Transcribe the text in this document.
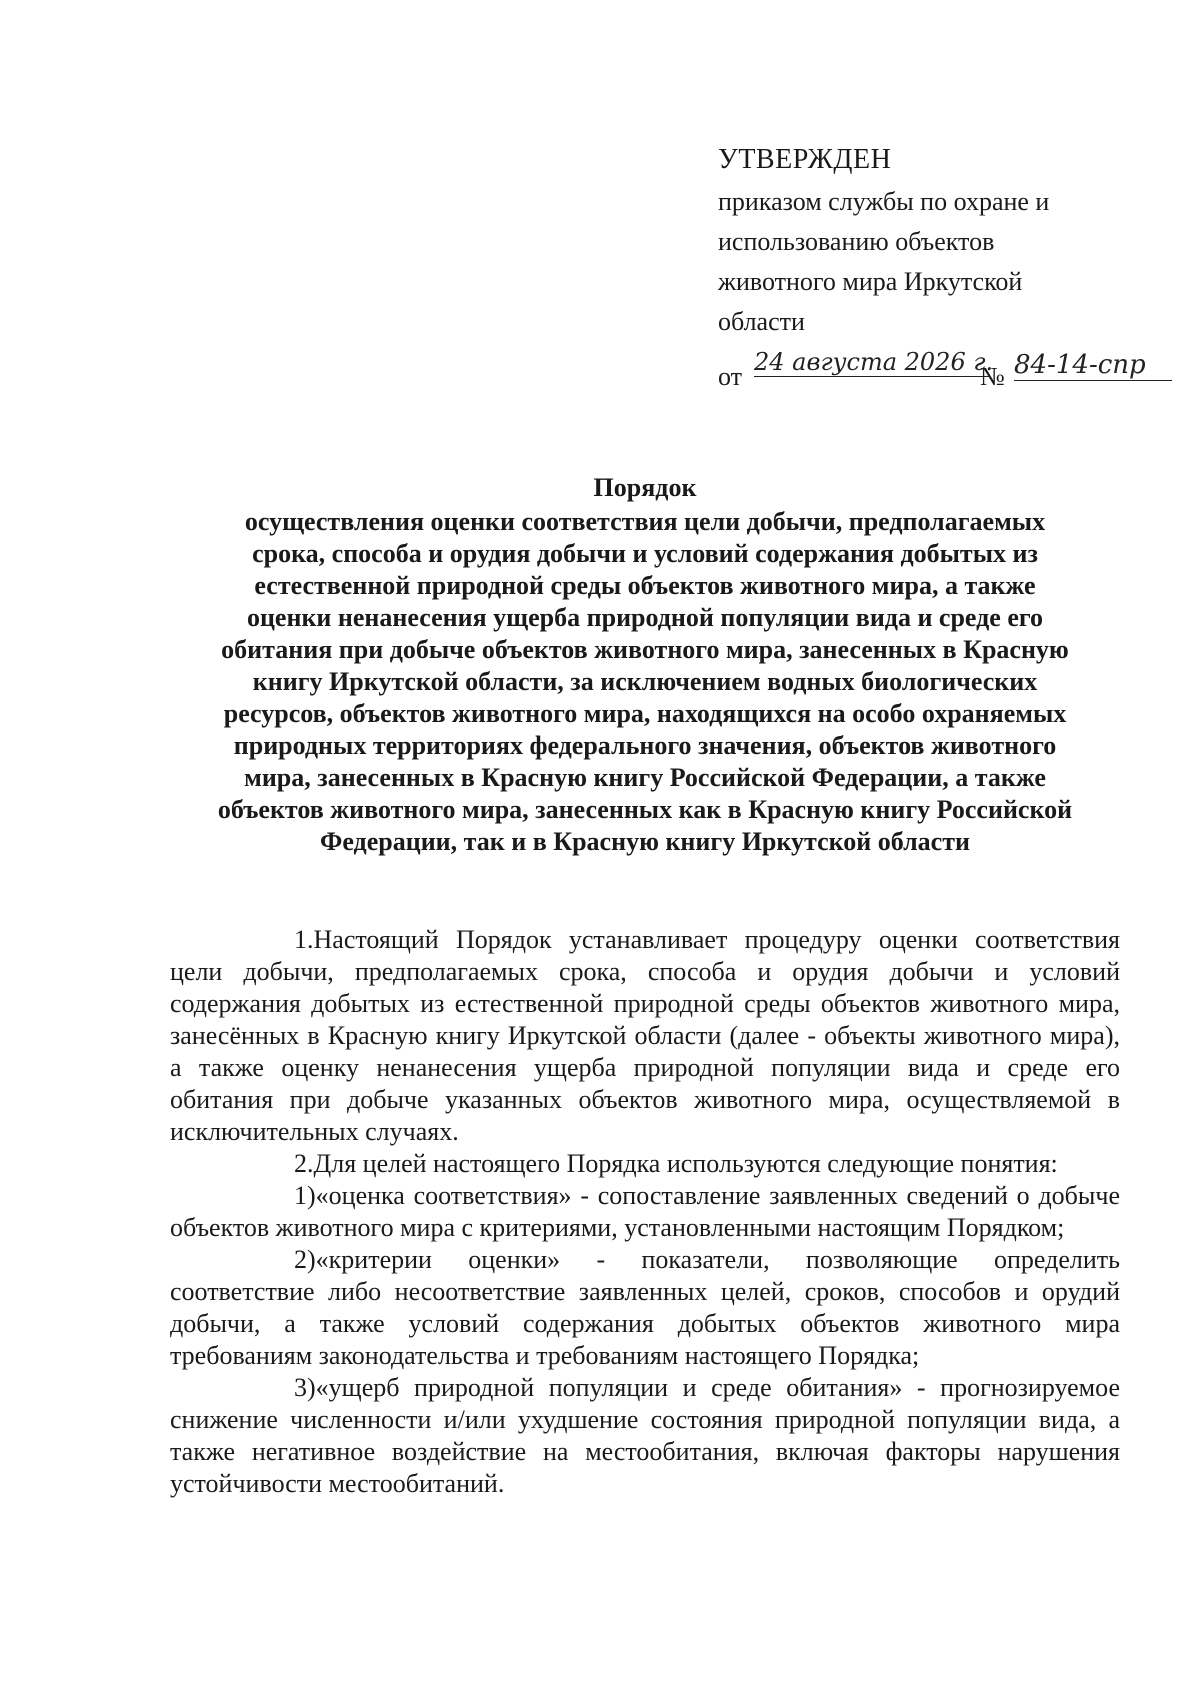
УТВЕРЖДЕН
приказом службы по охране и
использованию объектов
животного мира Иркутской
области
от 24 августа 2026 г.
№ 84-14-спр
Порядок
осуществления оценки соответствия цели добычи, предполагаемых срока, способа и орудия добычи и условий содержания добытых из естественной природной среды объектов животного мира, а также оценки ненанесения ущерба природной популяции вида и среде его обитания при добыче объектов животного мира, занесенных в Красную книгу Иркутской области, за исключением водных биологических ресурсов, объектов животного мира, находящихся на особо охраняемых природных территориях федерального значения, объектов животного мира, занесенных в Красную книгу Российской Федерации, а также объектов животного мира, занесенных как в Красную книгу Российской Федерации, так и в Красную книгу Иркутской области

1.Настоящий Порядок устанавливает процедуру оценки соответствия цели добычи, предполагаемых срока, способа и орудия добычи и условий содержания добытых из естественной природной среды объектов животного мира, занесённых в Красную книгу Иркутской области (далее - объекты животного мира), а также оценку ненанесения ущерба природной популяции вида и среде его обитания при добыче указанных объектов животного мира, осуществляемой в исключительных случаях.

2.Для целей настоящего Порядка используются следующие понятия:

1)«оценка соответствия» - сопоставление заявленных сведений о добыче объектов животного мира с критериями, установленными настоящим Порядком;

2)«критерии оценки» - показатели, позволяющие определить соответствие либо несоответствие заявленных целей, сроков, способов и орудий добычи, а также условий содержания добытых объектов животного мира требованиям законодательства и требованиям настоящего Порядка;

3)«ущерб природной популяции и среде обитания» - прогнозируемое снижение численности и/или ухудшение состояния природной популяции вида, а также негативное воздействие на местообитания, включая факторы нарушения устойчивости местообитаний.
